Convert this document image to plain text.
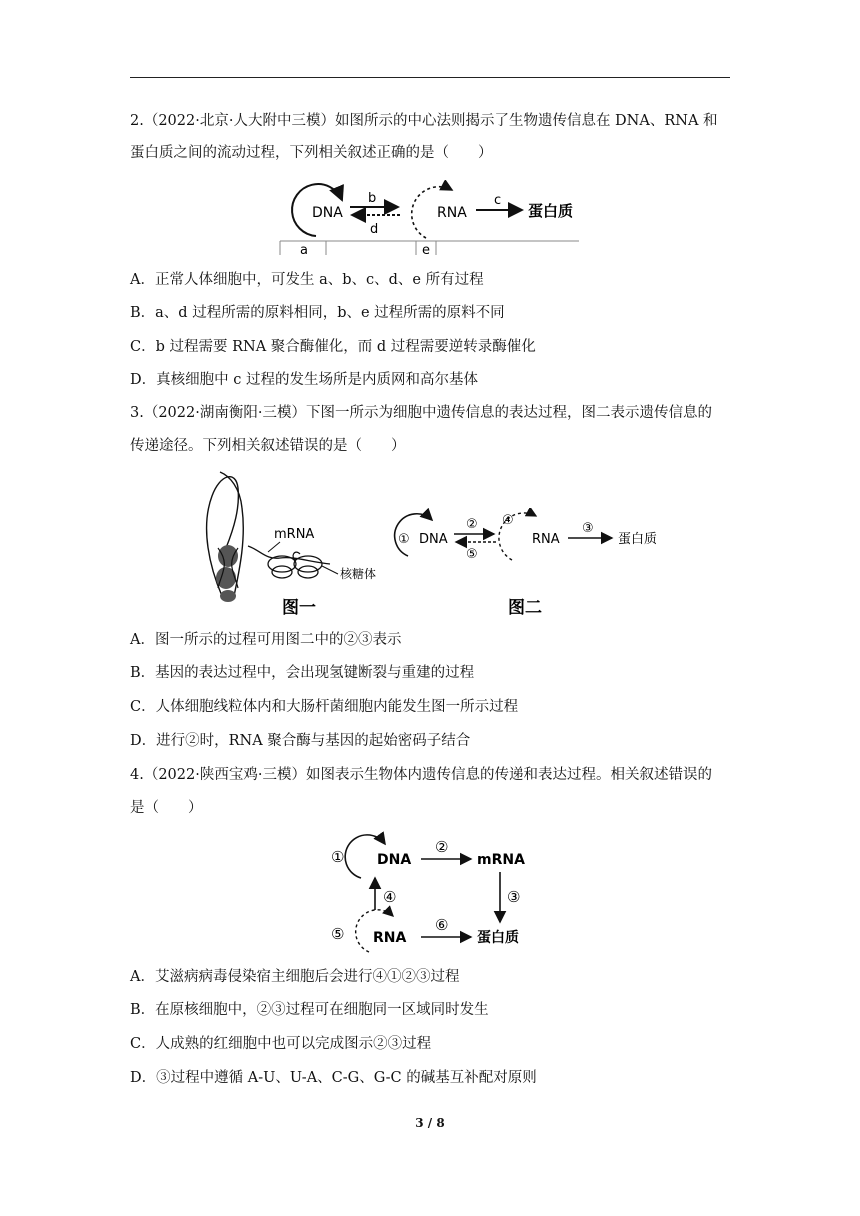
2.（2022·北京·人大附中三模）如图所示的中心法则揭示了生物遗传信息在 DNA、RNA 和
蛋白质之间的流动过程，下列相关叙述正确的是（　　）
DNA
b
d
RNA
c
蛋白质
a	e
A．正常人体细胞中，可发生 a、b、c、d、e 所有过程
B．a、d 过程所需的原料相同，b、e 过程所需的原料不同
C．b 过程需要 RNA 聚合酶催化，而 d 过程需要逆转录酶催化
D．真核细胞中 c 过程的发生场所是内质网和高尔基体
3.（2022·湖南衡阳·三模）下图一所示为细胞中遗传信息的表达过程，图二表示遗传信息的
传递途径。下列相关叙述错误的是（　　）
mRNA
核糖体
图一
① DNA
②
⑤
④
RNA
③
蛋白质
图二
A．图一所示的过程可用图二中的②③表示
B．基因的表达过程中，会出现氢键断裂与重建的过程
C．人体细胞线粒体内和大肠杆菌细胞内能发生图一所示过程
D．进行②时，RNA 聚合酶与基因的起始密码子结合
4.（2022·陕西宝鸡·三模）如图表示生物体内遗传信息的传递和表达过程。相关叙述错误的
是（　　）
① DNA
②
mRNA
③
④
⑤ RNA
⑥
蛋白质
A．艾滋病病毒侵染宿主细胞后会进行④①②③过程
B．在原核细胞中，②③过程可在细胞同一区域同时发生
C．人成熟的红细胞中也可以完成图示②③过程
D．③过程中遵循 A-U、U-A、C-G、G-C 的碱基互补配对原则
3 / 8
